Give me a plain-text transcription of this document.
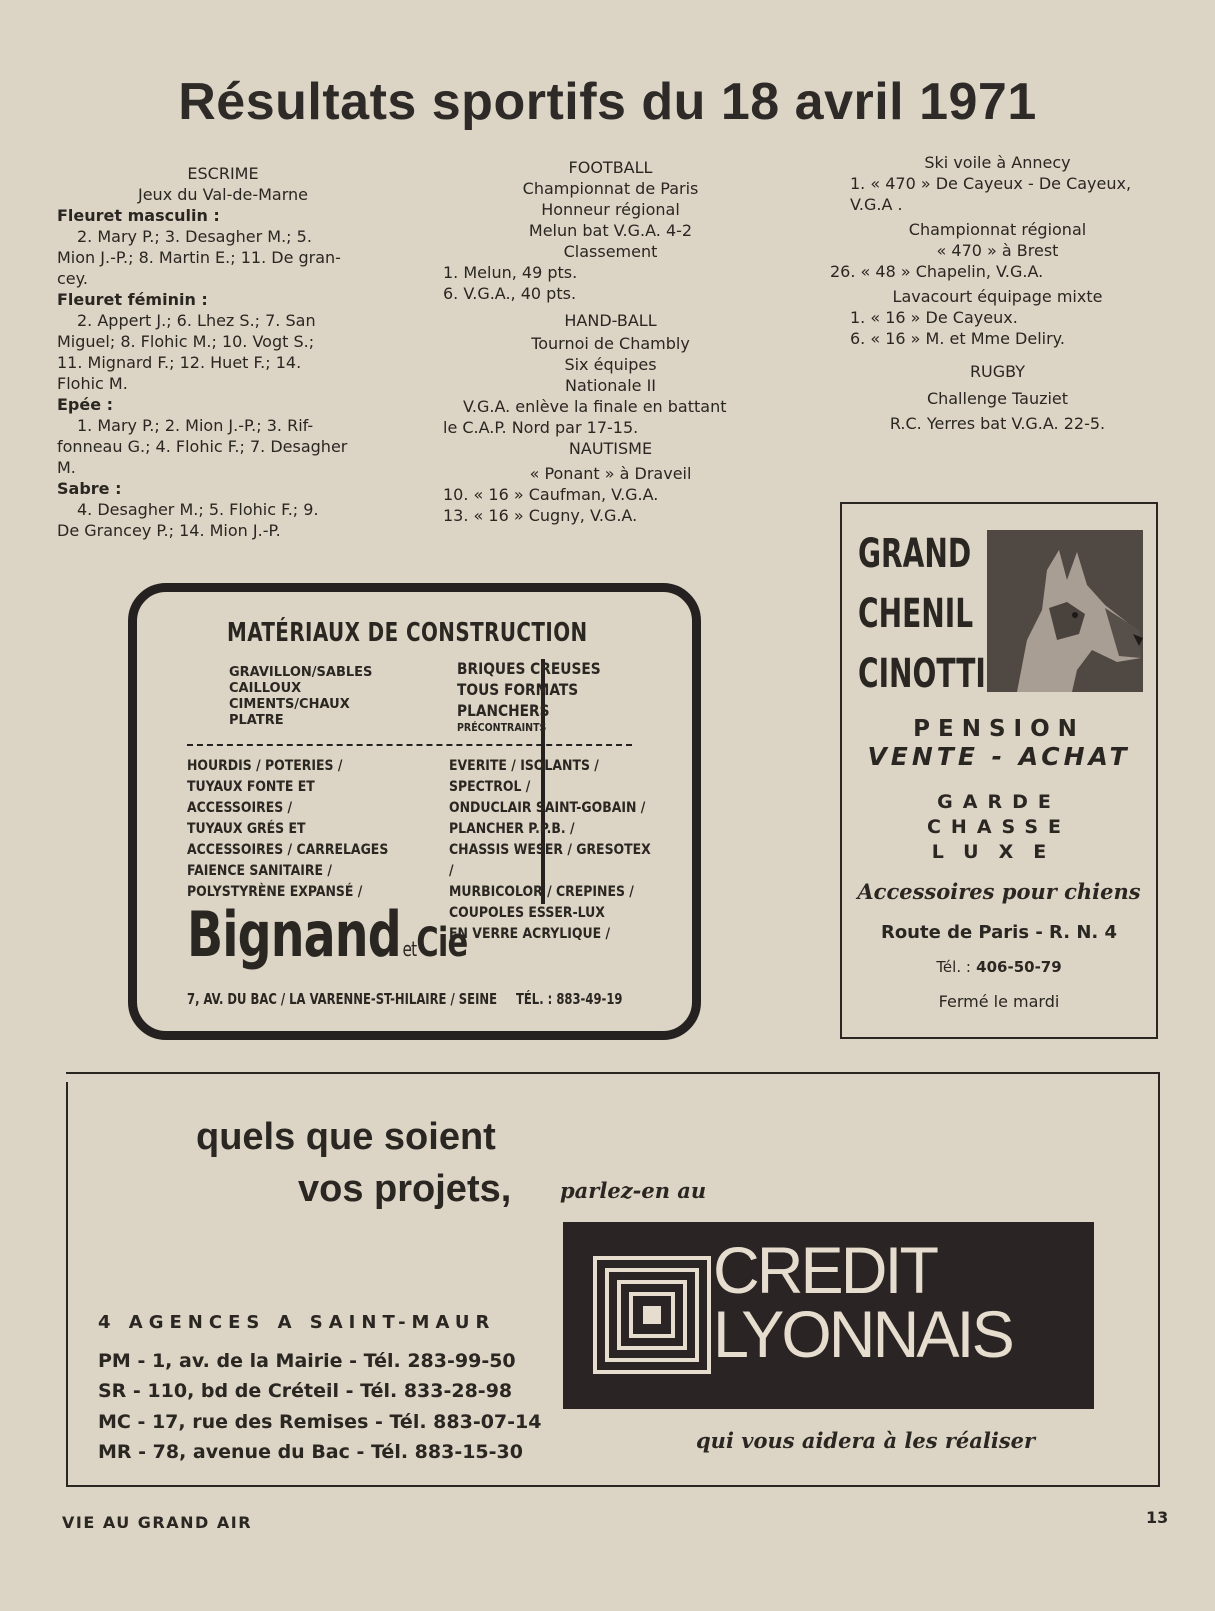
Résultats sportifs du 18 avril 1971

ESCRIME

Jeux du Val-de-Marne

Fleuret masculin :

2. Mary P.; 3. Desagher M.; 5.

Mion J.-P.; 8. Martin E.; 11. De gran-

cey.

Fleuret féminin :

2. Appert J.; 6. Lhez S.; 7. San

Miguel; 8. Flohic M.; 10. Vogt S.;

11. Mignard F.; 12. Huet F.; 14.

Flohic M.

Epée :

1. Mary P.; 2. Mion J.-P.; 3. Rif-

fonneau G.; 4. Flohic F.; 7. Desagher

M.

Sabre :

4. Desagher M.; 5. Flohic F.; 9.

De Grancey P.; 14. Mion J.-P.

FOOTBALL

Championnat de Paris

Honneur régional

Melun bat V.G.A. 4-2

Classement

1. Melun, 49 pts.

6. V.G.A., 40 pts.

HAND-BALL

Tournoi de Chambly

Six équipes

Nationale II

V.G.A. enlève la finale en battant

le C.A.P. Nord par 17-15.

NAUTISME

« Ponant » à Draveil

10. « 16 » Caufman, V.G.A.

13. « 16 » Cugny, V.G.A.

Ski voile à Annecy

1. « 470 » De Cayeux - De Cayeux,

V.G.A .

Championnat régional

« 470 » à Brest

26. « 48 » Chapelin, V.G.A.

Lavacourt équipage mixte

1. « 16 » De Cayeux.

6. « 16 » M. et Mme Deliry.

RUGBY

Challenge Tauziet

R.C. Yerres bat V.G.A. 22-5.

MATÉRIAUX DE CONSTRUCTION
GRAVILLON/SABLES
CAILLOUX
CIMENTS/CHAUX
PLATRE
BRIQUES CREUSES
TOUS FORMATS
PLANCHERS
PRÉCONTRAINTS
HOURDIS / POTERIES /
TUYAUX FONTE ET
ACCESSOIRES /
TUYAUX GRÉS ET
ACCESSOIRES / CARRELAGES
FAIENCE SANITAIRE /
POLYSTYRÈNE EXPANSÉ /
EVERITE / ISOLANTS / SPECTROL /
ONDUCLAIR SAINT-GOBAIN /
PLANCHER P.P.B. /
CHASSIS WESER / GRESOTEX /
MURBICOLOR / CREPINES /
COUPOLES ESSER-LUX
EN VERRE ACRYLIQUE /
BignandetCie
7, AV. DU BAC / LA VARENNE-ST-HILAIRE / SEINE TÉL. : 883-49-19
GRAND
CHENIL
CINOTTI
PENSION
VENTE - ACHAT
GARDE
CHASSE
LUXE
Accessoires pour chiens
Route de Paris - R. N. 4
Tél. : 406-50-79
Fermé le mardi
quels que soient
vos projets, parlez-en au
CREDIT
LYONNAIS
4 AGENCES A SAINT-MAUR
PM - 1, av. de la Mairie - Tél. 283-99-50
SR - 110, bd de Créteil - Tél. 833-28-98
MC - 17, rue des Remises - Tél. 883-07-14
MR - 78, avenue du Bac - Tél. 883-15-30	qui vous aidera à les réaliser
VIE AU GRAND AIR	13
